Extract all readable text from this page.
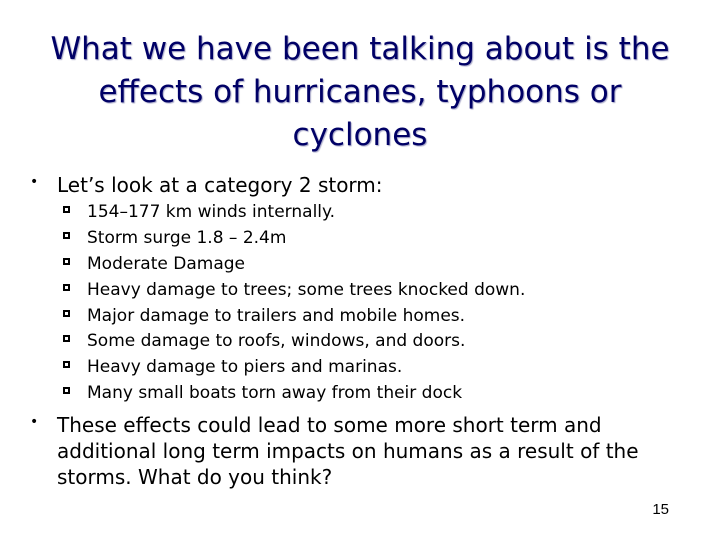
What we have been talking about is the
effects of hurricanes, typhoons or
cyclones
• Let’s look at a category 2 storm:
154–177 km winds internally.
Storm surge 1.8 – 2.4m
Moderate Damage
Heavy damage to trees; some trees knocked down.
Major damage to trailers and mobile homes.
Some damage to roofs, windows, and doors.
Heavy damage to piers and marinas.
Many small boats torn away from their dock
• These effects could lead to some more short term and
additional long term impacts on humans as a result of the
storms. What do you think?
15
